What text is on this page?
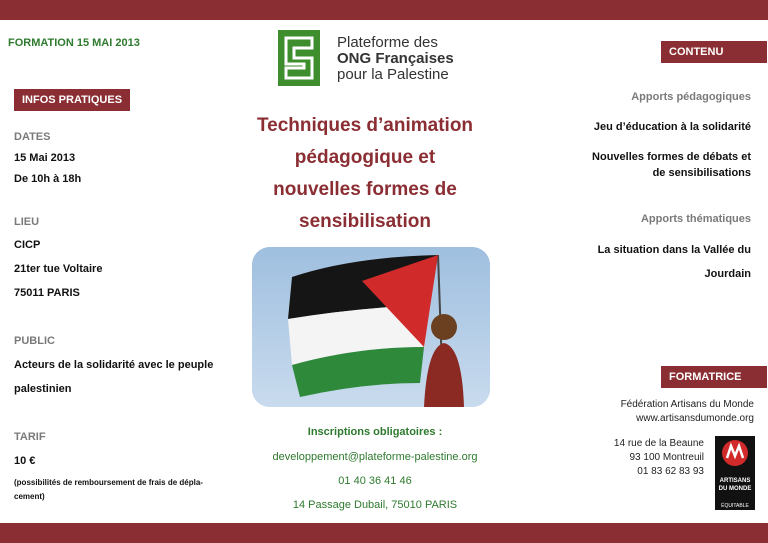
FORMATION 15 MAI 2013	Plateforme des
ONG Françaises
pour la Palestine
INFOS PRATIQUES
DATES
15 Mai 2013
De 10h à 18h
LIEU
CICP
21ter tue Voltaire
75011 PARIS
PUBLIC
Acteurs de la solidarité avec le peuple
palestinien
TARIF
10 €
(possibilités de remboursement de frais de dépla-
cement)
Techniques d’animation
pédagogique et
nouvelles formes de
sensibilisation
Inscriptions obligatoires :
developpement@plateforme-palestine.org
01 40 36 41 46
14 Passage Dubail, 75010 PARIS
CONTENU
Apports pédagogiques
Jeu d’éducation à la solidarité
Nouvelles formes de débats et
de sensibilisations
Apports thématiques
La situation dans la Vallée du
Jourdain
FORMATRICE
Fédération Artisans du Monde
www.artisansdumonde.org
14 rue de la Beaune
93 100 Montreuil
01 83 62 83 93
ARTISANS
DU MONDE
ÉQUITABLE
